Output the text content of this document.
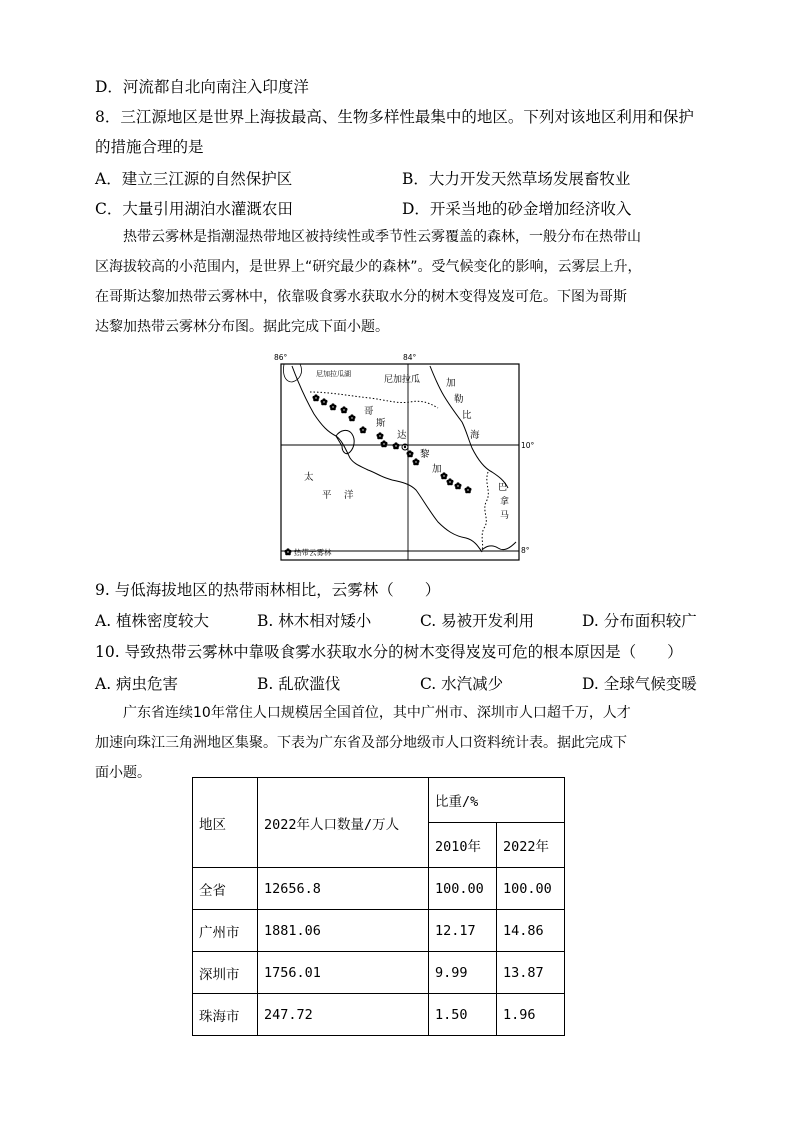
D．河流都自北向南注入印度洋
8．三江源地区是世界上海拔最高、生物多样性最集中的地区。下列对该地区利用和保护
的措施合理的是
A．建立三江源的自然保护区	B．大力开发天然草场发展畜牧业
C．大量引用湖泊水灌溉农田	D．开采当地的砂金增加经济收入
热带云雾林是指潮湿热带地区被持续性或季节性云雾覆盖的森林，一般分布在热带山
区海拔较高的小范围内，是世界上“研究最少的森林”。受气候变化的影响，云雾层上升，
在哥斯达黎加热带云雾林中，依靠吸食雾水获取水分的树木变得岌岌可危。下图为哥斯
达黎加热带云雾林分布图。据此完成下面小题。
86°	84°
10°
8°
尼加拉瓜湖
尼加拉瓜	加
勒
比
海
哥
斯
达
黎
加
太
平 洋
巴
拿
马
热带云雾林
9. 与低海拔地区的热带雨林相比，云雾林（　　）
A. 植株密度较大	B. 林木相对矮小	C. 易被开发利用	D. 分布面积较广
10. 导致热带云雾林中靠吸食雾水获取水分的树木变得岌岌可危的根本原因是（　　）
A. 病虫危害	B. 乱砍滥伐	C. 水汽减少	D. 全球气候变暖
广东省连续10年常住人口规模居全国首位，其中广州市、深圳市人口超千万，人才
加速向珠江三角洲地区集聚。下表为广东省及部分地级市人口资料统计表。据此完成下
面小题。
地区	2022年人口数量/万人	比重/%	
		2010年	2022年
全省	12656.8	100.00	100.00
广州市	1881.06	12.17	14.86
深圳市	1756.01	9.99	13.87
珠海市	247.72	1.50	1.96
